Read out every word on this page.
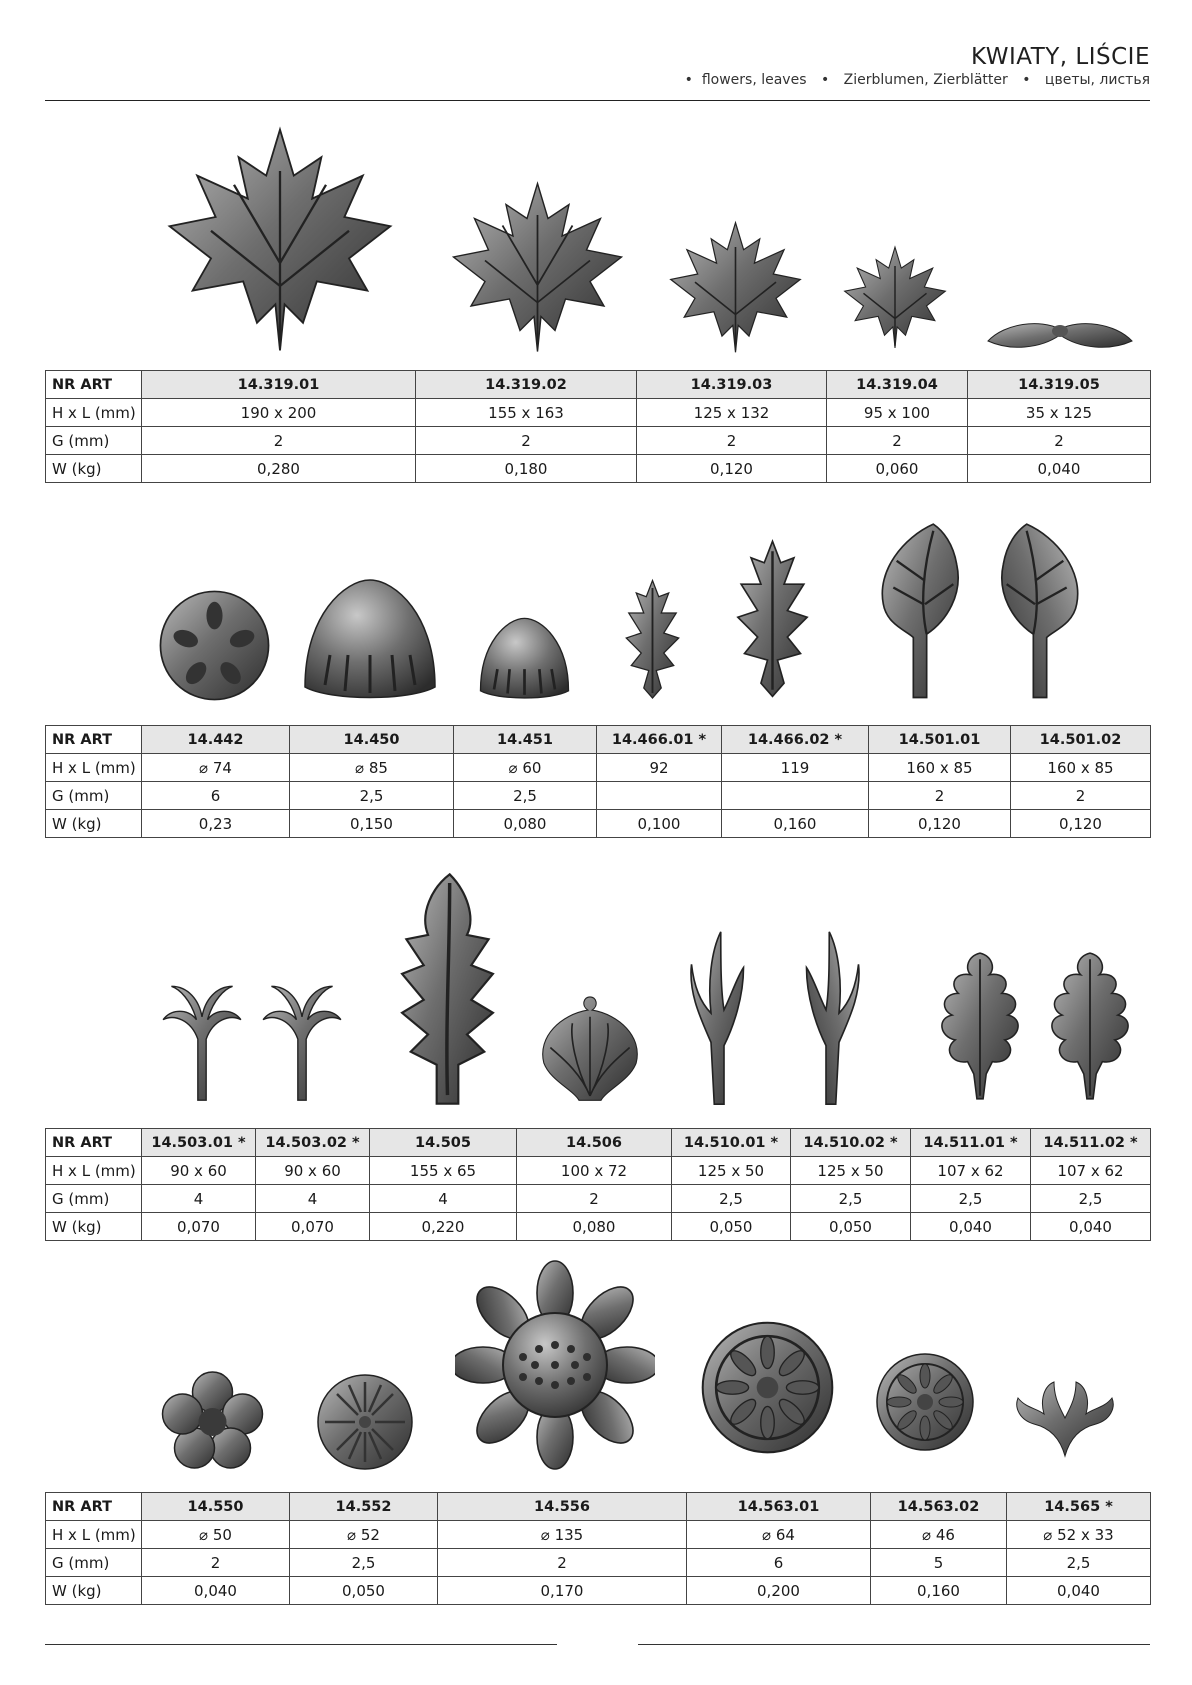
KWIATY, LIŚCIE
• flowers, leaves • Zierblumen, Zierblätter • цветы, листья
NR ART	14.319.01	14.319.02	14.319.03	14.319.04	14.319.05
H x L (mm)	190 x 200	155 x 163	125 x 132	95 x 100	35 x 125
G (mm)	2	2	2	2	2
W (kg)	0,280	0,180	0,120	0,060	0,040
NR ART	14.442	14.450	14.451	14.466.01 *	14.466.02 *	14.501.01	14.501.02
H x L (mm)	⌀ 74	⌀ 85	⌀ 60	92	119	160 x 85	160 x 85
G (mm)	6	2,5	2,5			2	2
W (kg)	0,23	0,150	0,080	0,100	0,160	0,120	0,120
NR ART	14.503.01 *	14.503.02 *	14.505	14.506	14.510.01 *	14.510.02 *	14.511.01 *	14.511.02 *
H x L (mm)	90 x 60	90 x 60	155 x 65	100 x 72	125 x 50	125 x 50	107 x 62	107 x 62
G (mm)	4	4	4	2	2,5	2,5	2,5	2,5
W (kg)	0,070	0,070	0,220	0,080	0,050	0,050	0,040	0,040
NR ART	14.550	14.552	14.556	14.563.01	14.563.02	14.565 *
H x L (mm)	⌀ 50	⌀ 52	⌀ 135	⌀ 64	⌀ 46	⌀ 52 x 33
G (mm)	2	2,5	2	6	5	2,5
W (kg)	0,040	0,050	0,170	0,200	0,160	0,040
